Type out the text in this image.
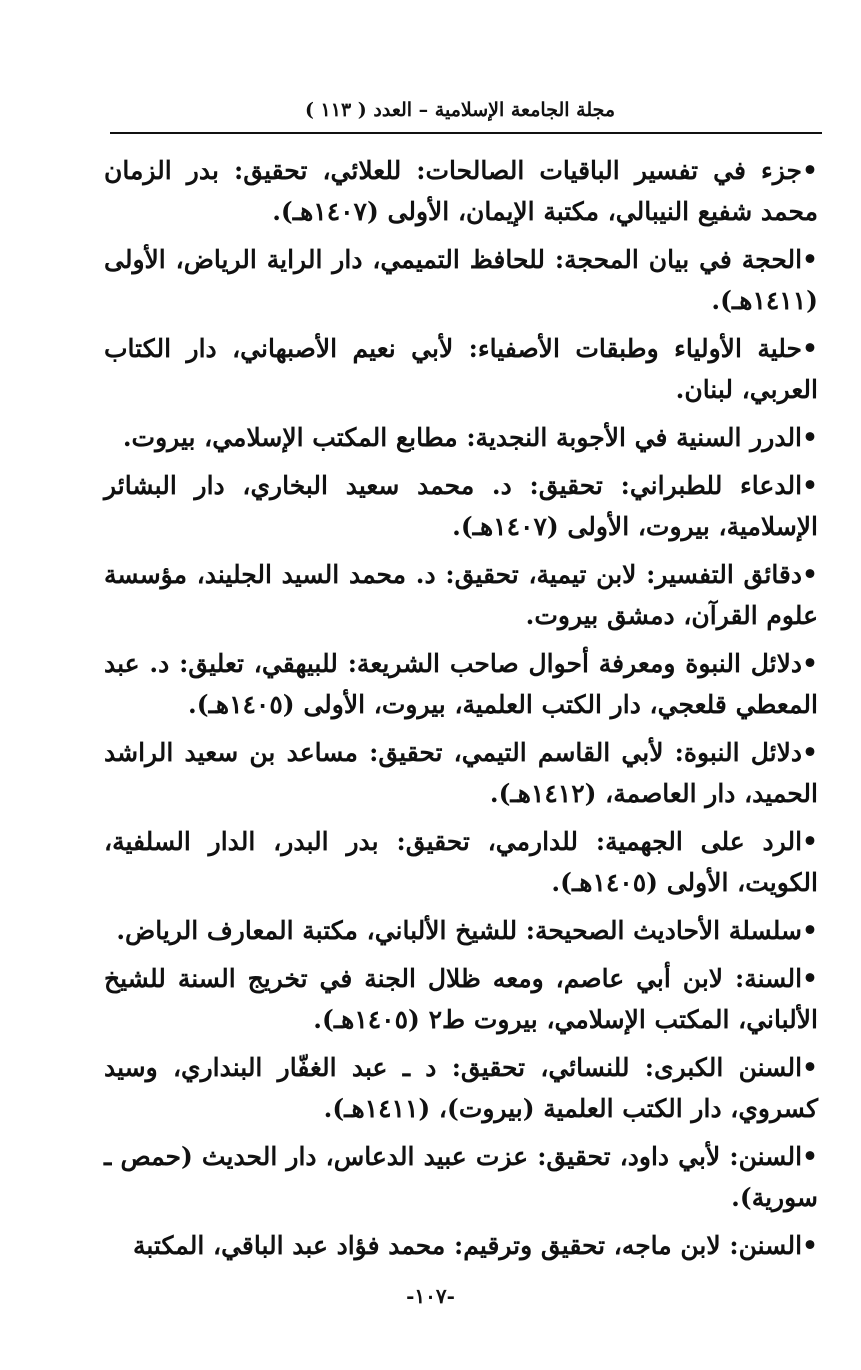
مجلة الجامعة الإسلامية – العدد ( ١١٣ )

•جزء في تفسير الباقيات الصالحات: للعلائي، تحقيق: بدر الزمان محمد شفيع النيبالي، مكتبة الإيمان، الأولى (١٤٠٧هـ).

•الحجة في بيان المحجة: للحافظ التميمي، دار الراية الرياض، الأولى (١٤١١هـ).

•حلية الأولياء وطبقات الأصفياء: لأبي نعيم الأصبهاني، دار الكتاب العربي، لبنان.

•الدرر السنية في الأجوبة النجدية: مطابع المكتب الإسلامي، بيروت.

•الدعاء للطبراني: تحقيق: د. محمد سعيد البخاري، دار البشائر الإسلامية، بيروت، الأولى (١٤٠٧هـ).

•دقائق التفسير: لابن تيمية، تحقيق: د. محمد السيد الجليند، مؤسسة علوم القرآن، دمشق بيروت.

•دلائل النبوة ومعرفة أحوال صاحب الشريعة: للبيهقي، تعليق: د. عبد المعطي قلعجي، دار الكتب العلمية، بيروت، الأولى (١٤٠٥هـ).

•دلائل النبوة: لأبي القاسم التيمي، تحقيق: مساعد بن سعيد الراشد الحميد، دار العاصمة، (١٤١٢هـ).

•الرد على الجهمية: للدارمي، تحقيق: بدر البدر، الدار السلفية، الكويت، الأولى (١٤٠٥هـ).

•سلسلة الأحاديث الصحيحة: للشيخ الألباني، مكتبة المعارف الرياض.

•السنة: لابن أبي عاصم، ومعه ظلال الجنة في تخريج السنة للشيخ الألباني، المكتب الإسلامي، بيروت ط٢ (١٤٠٥هـ).

•السنن الكبرى: للنسائي، تحقيق: د ـ عبد الغفّار البنداري، وسيد كسروي، دار الكتب العلمية (بيروت)، (١٤١١هـ).

•السنن: لأبي داود، تحقيق: عزت عبيد الدعاس، دار الحديث (حمص ـ سورية).

•السنن: لابن ماجه، تحقيق وترقيم: محمد فؤاد عبد الباقي، المكتبة

-١٠٧-
